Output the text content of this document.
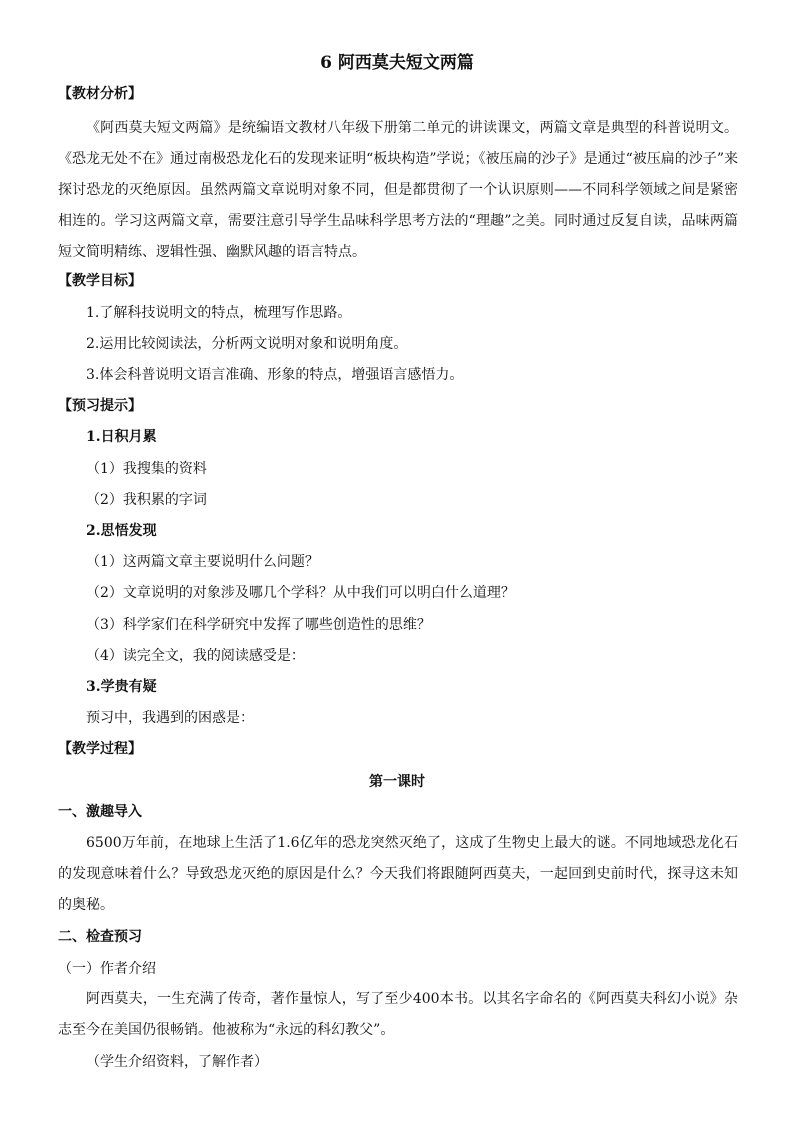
6 阿西莫夫短文两篇
【教材分析】
《阿西莫夫短文两篇》是统编语文教材八年级下册第二单元的讲读课文，两篇文章是典型的科普说明文。《恐龙无处不在》通过南极恐龙化石的发现来证明“板块构造”学说；《被压扁的沙子》是通过“被压扁的沙子”来探讨恐龙的灭绝原因。虽然两篇文章说明对象不同，但是都贯彻了一个认识原则——不同科学领域之间是紧密相连的。学习这两篇文章，需要注意引导学生品味科学思考方法的“理趣”之美。同时通过反复自读，品味两篇短文简明精练、逻辑性强、幽默风趣的语言特点。
【教学目标】
1.了解科技说明文的特点，梳理写作思路。
2.运用比较阅读法，分析两文说明对象和说明角度。
3.体会科普说明文语言准确、形象的特点，增强语言感悟力。
【预习提示】
1.日积月累
（1）我搜集的资料
（2）我积累的字词
2.思悟发现
（1）这两篇文章主要说明什么问题？
（2）文章说明的对象涉及哪几个学科？从中我们可以明白什么道理？
（3）科学家们在科学研究中发挥了哪些创造性的思维？
（4）读完全文，我的阅读感受是：
3.学贵有疑
预习中，我遇到的困惑是：
【教学过程】
第一课时
一、激趣导入
6500万年前，在地球上生活了1.6亿年的恐龙突然灭绝了，这成了生物史上最大的谜。不同地域恐龙化石的发现意味着什么？导致恐龙灭绝的原因是什么？今天我们将跟随阿西莫夫，一起回到史前时代，探寻这未知的奥秘。
二、检查预习
（一）作者介绍
阿西莫夫，一生充满了传奇，著作量惊人，写了至少400本书。以其名字命名的《阿西莫夫科幻小说》杂志至今在美国仍很畅销。他被称为“永远的科幻教父”。
（学生介绍资料，了解作者）
